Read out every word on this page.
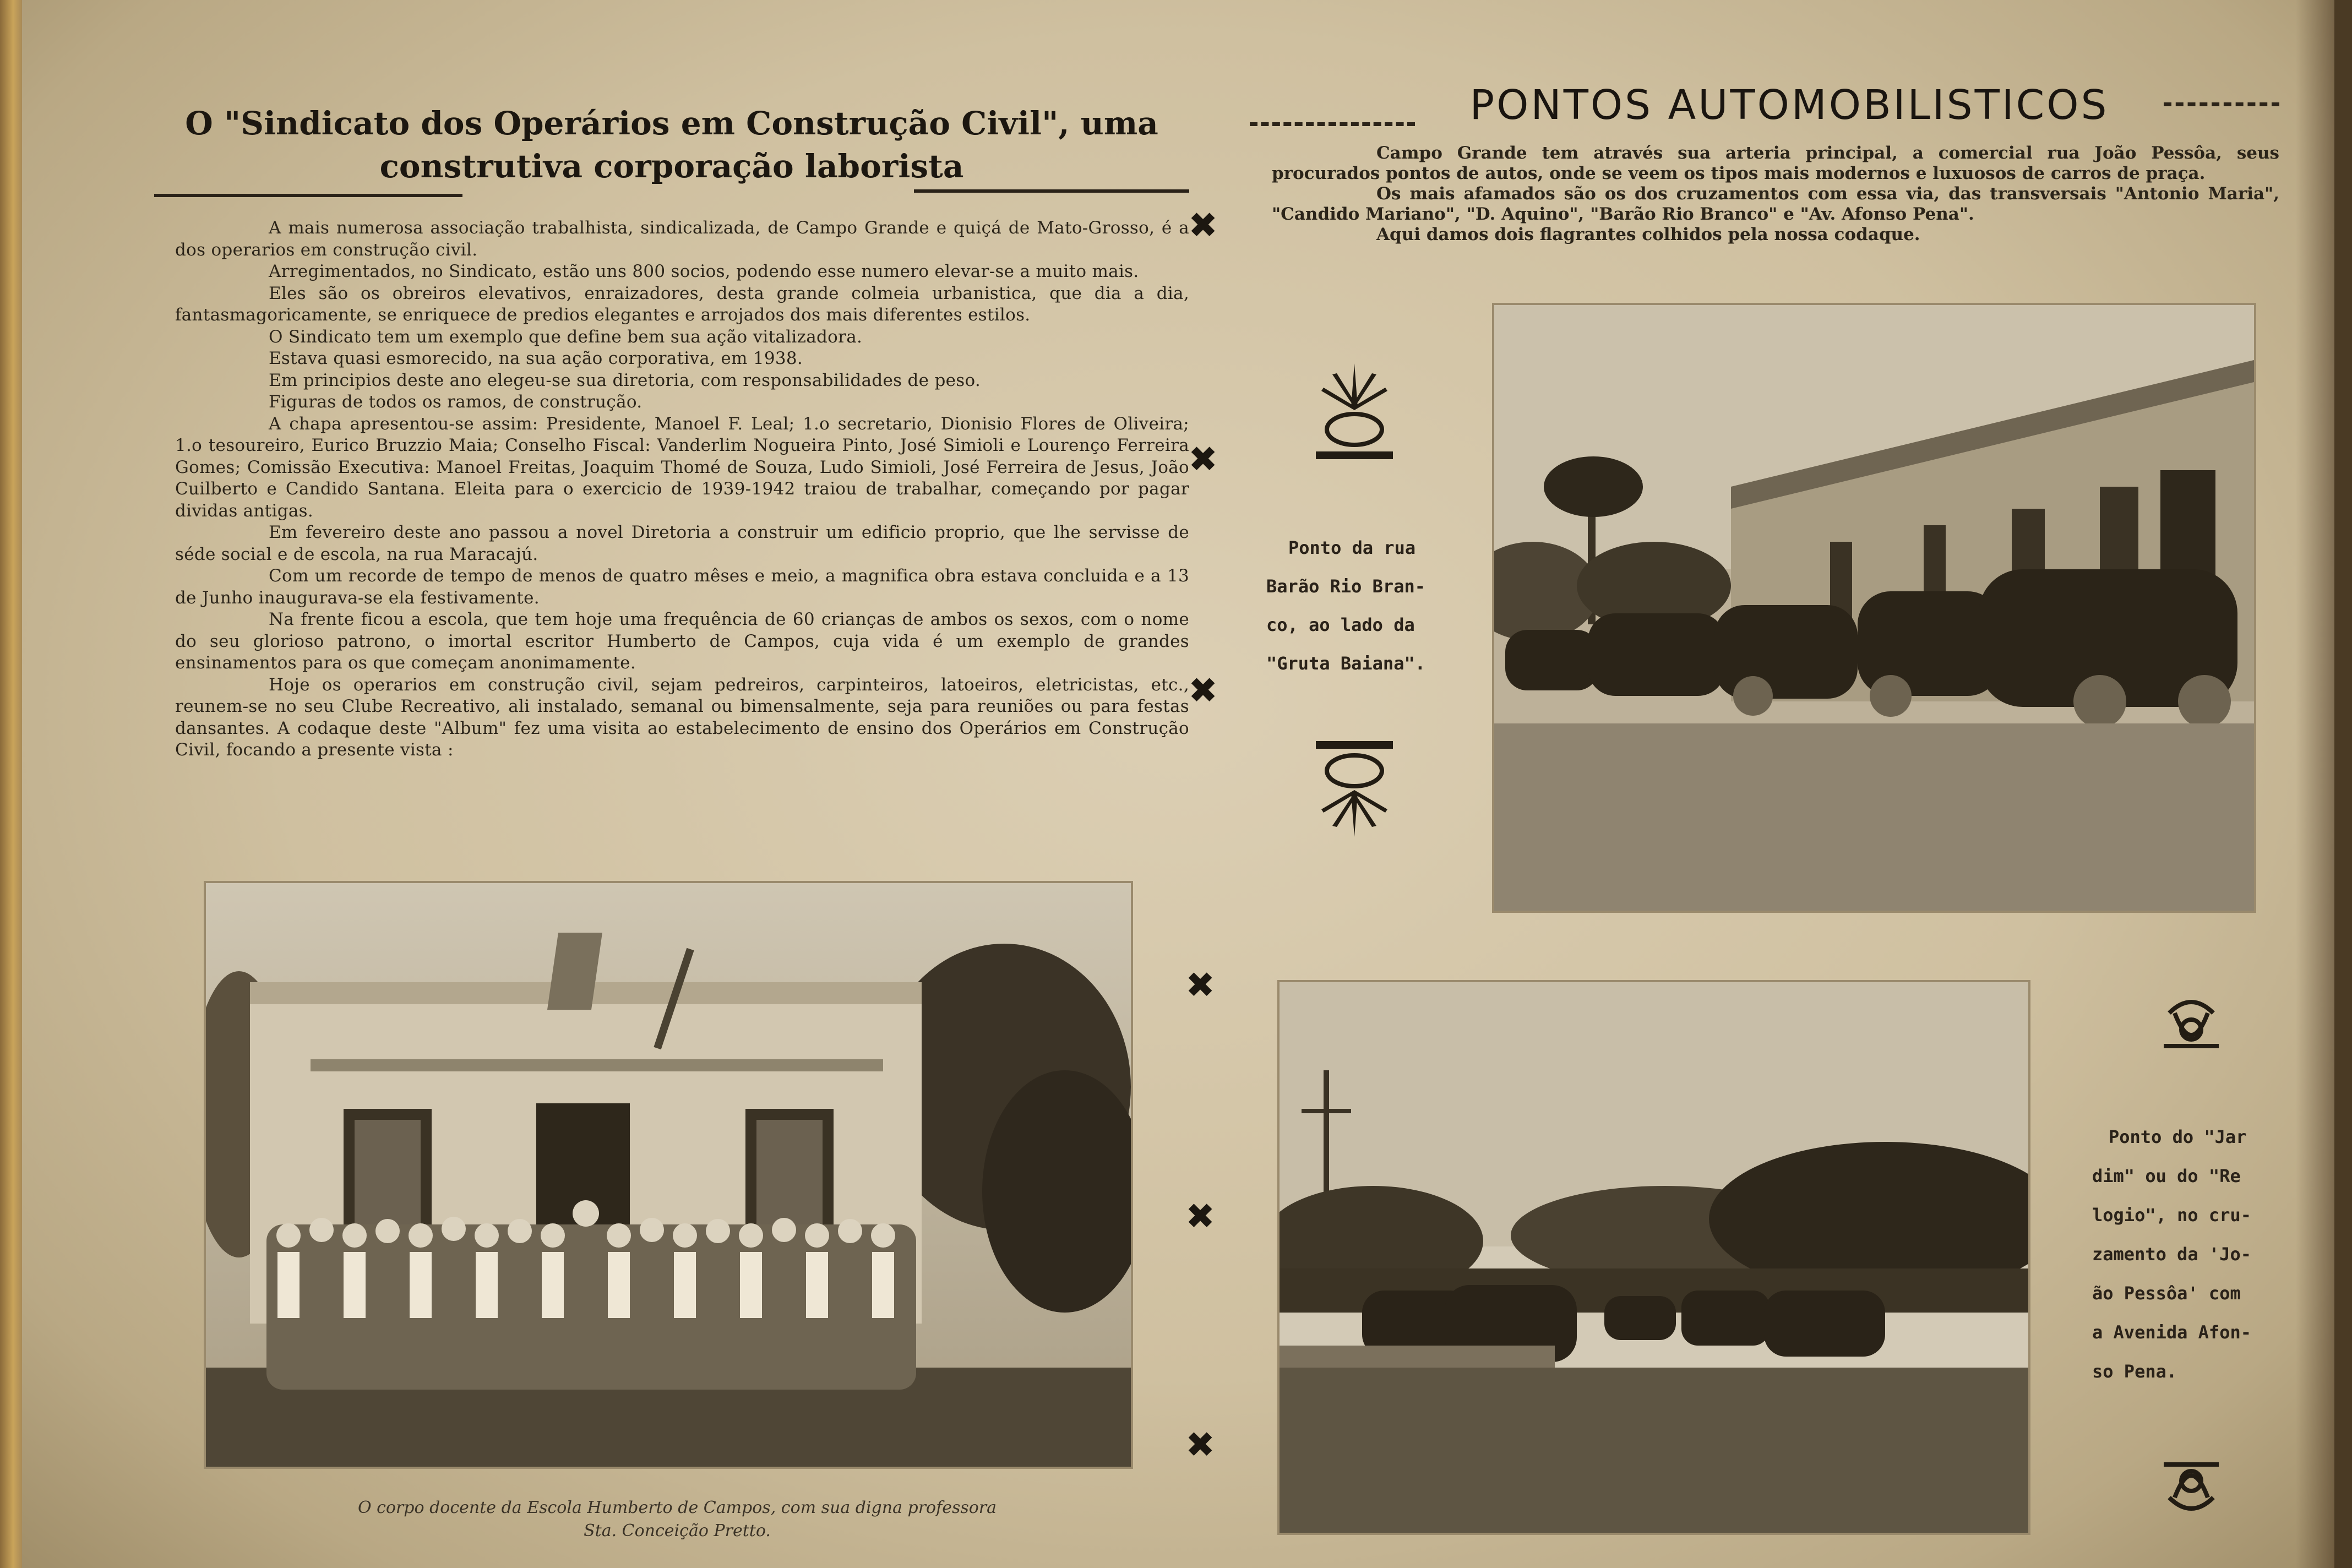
O "Sindicato dos Operários em Construção Civil", uma
construtiva corporação laborista

A mais numerosa associação trabalhista, sindicalizada, de Campo Grande e quiçá de Mato-Grosso, é a dos operarios em construção civil.

Arregimentados, no Sindicato, estão uns 800 socios, podendo esse numero elevar-se a muito mais.

Eles são os obreiros elevativos, enraizadores, desta grande colmeia urbanistica, que dia a dia, fantasmagoricamente, se enriquece de predios elegantes e arrojados dos mais diferentes estilos.

O Sindicato tem um exemplo que define bem sua ação vitalizadora.

Estava quasi esmorecido, na sua ação corporativa, em 1938.

Em principios deste ano elegeu-se sua diretoria, com responsabilidades de peso.

Figuras de todos os ramos, de construção.

A chapa apresentou-se assim: Presidente, Manoel F. Leal; 1.o secretario, Dionisio Flores de Oliveira; 1.o tesoureiro, Eurico Bruzzio Maia; Conselho Fiscal: Vanderlim Nogueira Pinto, José Simioli e Lourenço Ferreira Gomes; Comissão Executiva: Manoel Freitas, Joaquim Thomé de Souza, Ludo Simioli, José Ferreira de Jesus, João Cuilberto e Candido Santana. Eleita para o exercicio de 1939-1942 traiou de trabalhar, começando por pagar dividas antigas.

Em fevereiro deste ano passou a novel Diretoria a construir um edificio proprio, que lhe servisse de séde social e de escola, na rua Maracajú.

Com um recorde de tempo de menos de quatro mêses e meio, a magnifica obra estava concluida e a 13 de Junho inaugurava-se ela festivamente.

Na frente ficou a escola, que tem hoje uma frequência de 60 crianças de ambos os sexos, com o nome do seu glorioso patrono, o imortal escritor Humberto de Campos, cuja vida é um exemplo de grandes ensinamentos para os que começam anonimamente.

Hoje os operarios em construção civil, sejam pedreiros, carpinteiros, latoeiros, eletricistas, etc., reunem-se no seu Clube Recreativo, ali instalado, semanal ou bimensalmente, seja para reuniões ou para festas dansantes. A codaque deste "Album" fez uma visita ao estabelecimento de ensino dos Operários em Construção Civil, focando a presente vista :

O corpo docente da Escola Humberto de Campos, com sua digna professora
Sta. Conceição Pretto.
✖
✖
✖
✖
✖
✖
PONTOS AUTOMOBILISTICOS

Campo Grande tem através sua arteria principal, a comercial rua João Pessôa, seus procurados pontos de autos, onde se veem os tipos mais modernos e luxuosos de carros de praça.

Os mais afamados são os dos cruzamentos com essa via, das transversais "Antonio Maria", "Candido Mariano", "D. Aquino", "Barão Rio Branco" e "Av. Afonso Pena".

Aqui damos dois flagrantes colhidos pela nossa codaque.

Ponto da rua
Barão Rio Bran-
co, ao lado da
"Gruta Baiana".
Ponto do "Jar
dim" ou do "Re
logio", no cru-
zamento da 'Jo-
ão Pessôa' com
a Avenida Afon-
so Pena.
